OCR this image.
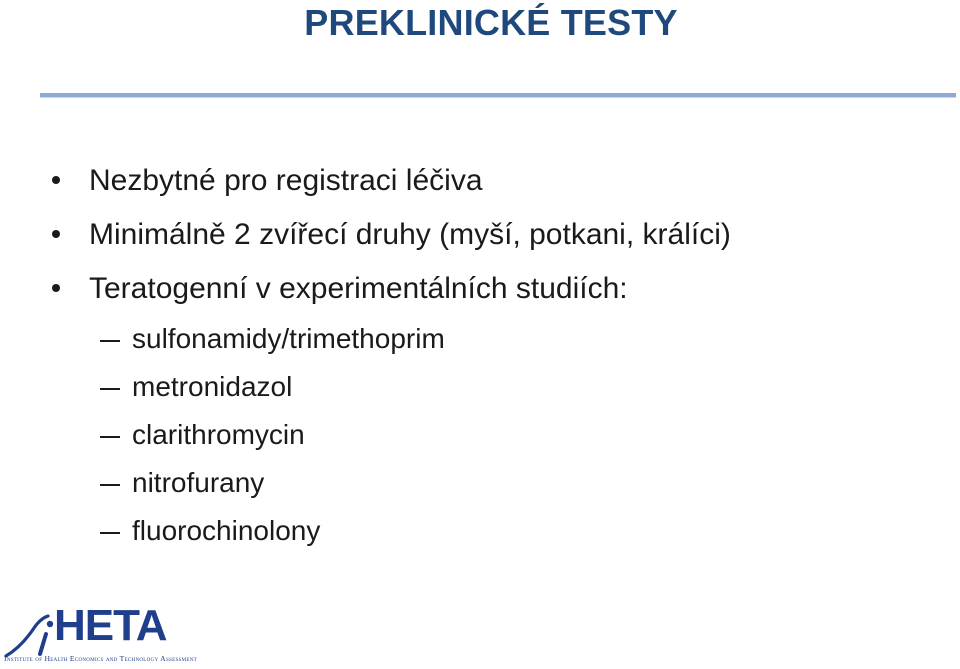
PREKLINICKÉ TESTY
Nezbytné pro registraci léčiva
Minimálně 2 zvířecí druhy (myší, potkani, králíci)
Teratogenní v experimentálních studiích:
sulfonamidy/trimethoprim
metronidazol
clarithromycin
nitrofurany
fluorochinolony
HETA
Institute of Health Economics and Technology Assessment
